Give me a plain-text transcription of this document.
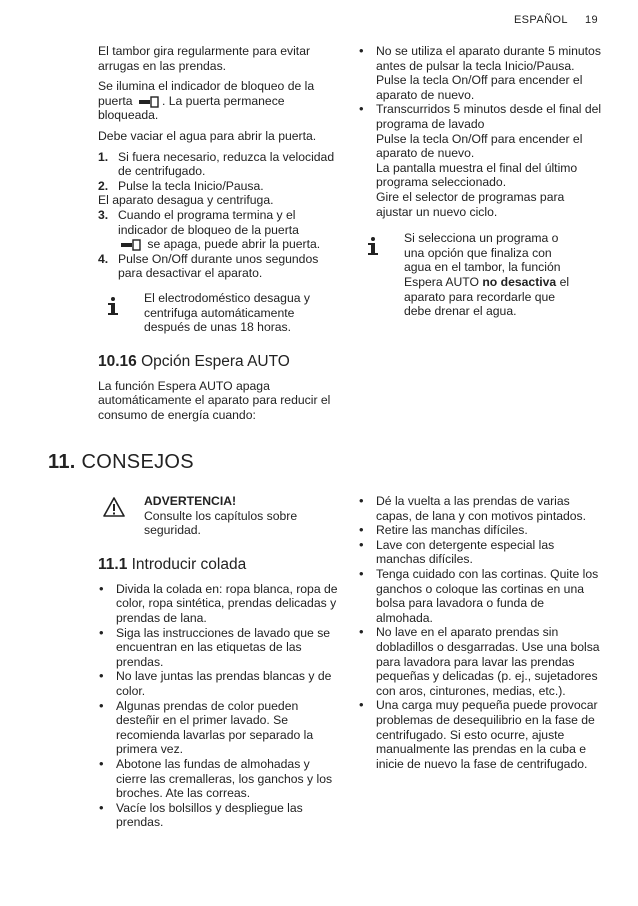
ESPAÑOL 19

El tambor gira regularmente para evitar arrugas en las prendas.

Se ilumina el indicador de bloqueo de la puerta . La puerta permanece bloqueada.

Debe vaciar el agua para abrir la puerta.

1. Si fuera necesario, reduzca la velocidad de centrifugado.
2. Pulse la tecla Inicio/Pausa.
El aparato desagua y centrifuga.
3. Cuando el programa termina y el indicador de bloqueo de la puerta
se apaga, puede abrir la puerta.
4. Pulse On/Off durante unos segundos para desactivar el aparato.
El electrodoméstico desagua y centrifuga automáticamente después de unas 18 horas.
10.16 Opción Espera AUTO

La función Espera AUTO apaga automáticamente el aparato para reducir el consumo de energía cuando:

• No se utiliza el aparato durante 5 minutos antes de pulsar la tecla Inicio/Pausa.
Pulse la tecla On/Off para encender el aparato de nuevo.
• Transcurridos 5 minutos desde el final del programa de lavado
Pulse la tecla On/Off para encender el aparato de nuevo.
La pantalla muestra el final del último programa seleccionado.
Gire el selector de programas para ajustar un nuevo ciclo.
Si selecciona un programa o una opción que finaliza con agua en el tambor, la función Espera AUTO no desactiva el aparato para recordarle que debe drenar el agua.
11. CONSEJOS
ADVERTENCIA!
Consulte los capítulos sobre seguridad.
11.1 Introducir colada
• Divida la colada en: ropa blanca, ropa de color, ropa sintética, prendas delicadas y prendas de lana.
• Siga las instrucciones de lavado que se encuentran en las etiquetas de las prendas.
• No lave juntas las prendas blancas y de color.
• Algunas prendas de color pueden desteñir en el primer lavado. Se recomienda lavarlas por separado la primera vez.
• Abotone las fundas de almohadas y cierre las cremalleras, los ganchos y los broches. Ate las correas.
• Vacíe los bolsillos y despliegue las prendas.
• Dé la vuelta a las prendas de varias capas, de lana y con motivos pintados.
• Retire las manchas difíciles.
• Lave con detergente especial las manchas difíciles.
• Tenga cuidado con las cortinas. Quite los ganchos o coloque las cortinas en una bolsa para lavadora o funda de almohada.
• No lave en el aparato prendas sin dobladillos o desgarradas. Use una bolsa para lavadora para lavar las prendas pequeñas y delicadas (p. ej., sujetadores con aros, cinturones, medias, etc.).
• Una carga muy pequeña puede provocar problemas de desequilibrio en la fase de centrifugado. Si esto ocurre, ajuste manualmente las prendas en la cuba e inicie de nuevo la fase de centrifugado.
